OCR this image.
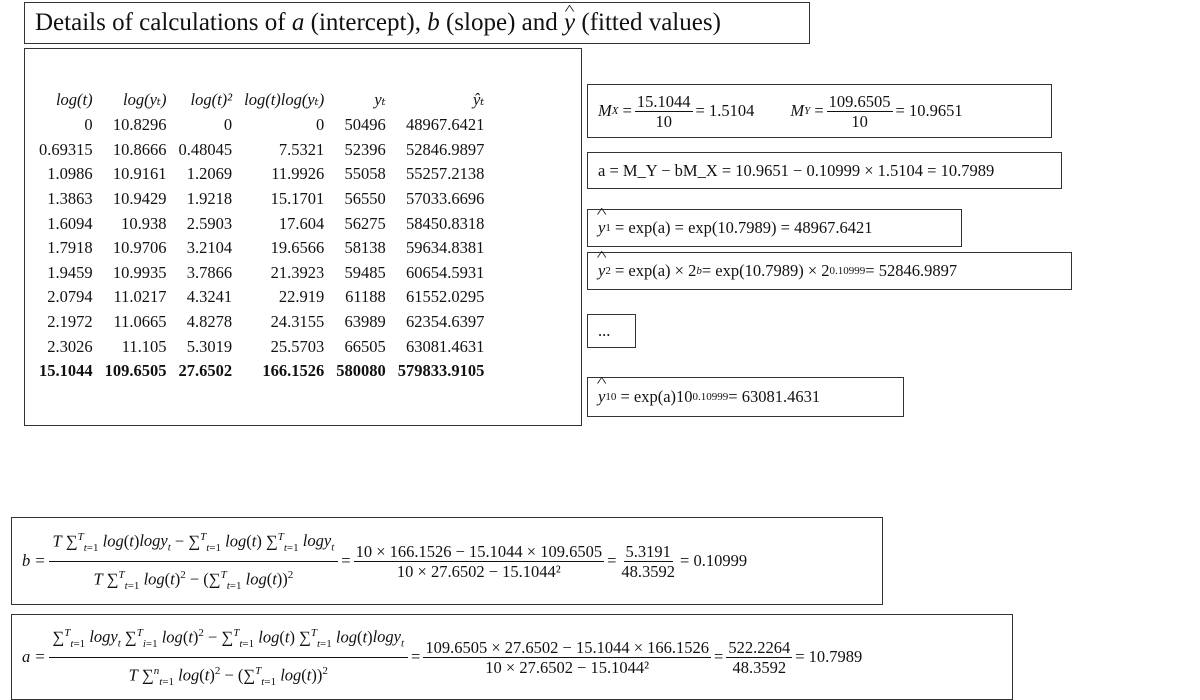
Details of calculations of a (intercept), b (slope) and ^ y (fitted values)
log(t)	log(yₜ)	log(t)²	log(t)log(yₜ)	yₜ	ŷₜ
0	10.8296	0	0	50496	48967.6421
0.69315	10.8666	0.48045	7.5321	52396	52846.9897
1.0986	10.9161	1.2069	11.9926	55058	55257.2138
1.3863	10.9429	1.9218	15.1701	56550	57033.6696
1.6094	10.938	2.5903	17.604	56275	58450.8318
1.7918	10.9706	3.2104	19.6566	58138	59634.8381
1.9459	10.9935	3.7866	21.3923	59485	60654.5931
2.0794	11.0217	4.3241	22.919	61188	61552.0295
2.1972	11.0665	4.8278	24.3155	63989	62354.6397
2.3026	11.105	5.3019	25.5703	66505	63081.4631
15.1044	109.6505	27.6502	166.1526	580080	579833.9105
M $X = \frac{15.1044}{10} = 1.5104$ M $Y = \frac{109.6505}{10} = 10.9651$
a = M_Y − bM_X = 10.9651 − 0.10999 × 1.5104 = 10.7989
^ y 1
= exp(a) = exp(10.7989) = 48967.6421
^ y 2
= exp(a) × 2 b = exp(10.7989) × 2 0.10999 = 52846.9897
...
^ y 10
= exp(a)10 0.10999 = 63081.4631
$b = \frac{T \sum^T_{t=1} \log(t)\log y_t - \sum^T_{t=1} \log(t) \sum^T_{t=1} \log y_t}{T \sum^T_{t=1} \log(t)^2 - (\sum^T_{t=1} \log(t))^2} = \frac{10 \times 166.1526 - 15.1044 \times 109.6505}{\text{10 × 27.6502 − 15.1044²}} = \frac{5.3191}{48.3592} = 0.10999$
$a = \frac{\sum^T_{t=1} \log y_t \sum^T_{i=1} \log(t)^2 - \sum^T_{t=1} \log(t) \sum^T_{t=1} \log(t)\log y_t}{T \sum^n_{t=1} \log(t)^2 - (\sum^T_{t=1} \log(t))^2} = \frac{109.6505 \times 27.6502 - 15.1044 \times 166.1526}{\text{10 × 27.6502 − 15.1044²}} = \frac{522.2264}{48.3592} = 10.7989$
